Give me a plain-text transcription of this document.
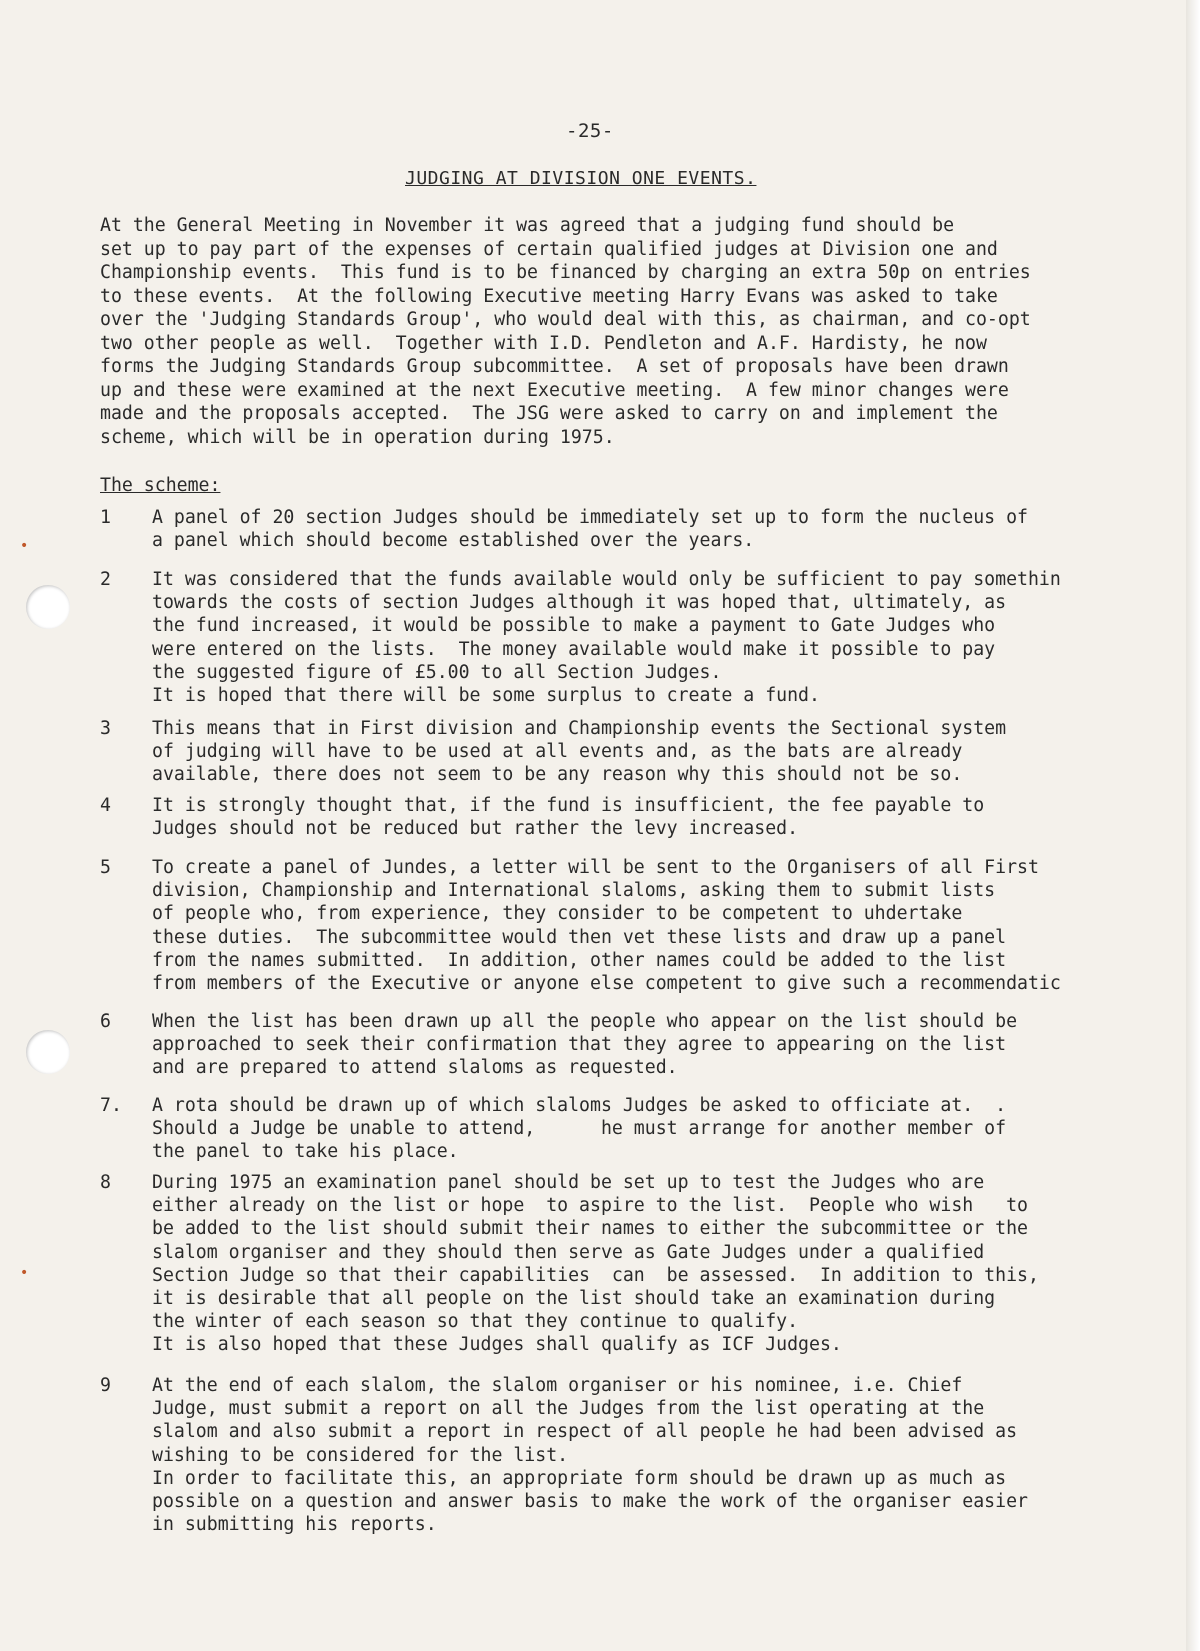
•
•
-25-
JUDGING AT DIVISION ONE EVENTS.

At the General Meeting in November it was agreed that a judging fund should be
set up to pay part of the expenses of certain qualified judges at Division one and
Championship events.  This fund is to be financed by charging an extra 50p on entries
to these events.  At the following Executive meeting Harry Evans was asked to take
over the 'Judging Standards Group', who would deal with this, as chairman, and co-opt
two other people as well.  Together with I.D. Pendleton and A.F. Hardisty, he now
forms the Judging Standards Group subcommittee.  A set of proposals have been drawn
up and these were examined at the next Executive meeting.  A few minor changes were
made and the proposals accepted.  The JSG were asked to carry on and implement the
scheme, which will be in operation during 1975.

The scheme:
1 A panel of 20 section Judges should be immediately set up to form the nucleus of
a panel which should become established over the years.

2 It was considered that the funds available would only be sufficient to pay somethin
towards the costs of section Judges although it was hoped that, ultimately, as
the fund increased, it would be possible to make a payment to Gate Judges who
were entered on the lists.  The money available would make it possible to pay
the suggested figure of £5.00 to all Section Judges.
It is hoped that there will be some surplus to create a fund.

3 This means that in First division and Championship events the Sectional system
of judging will have to be used at all events and, as the bats are already
available, there does not seem to be any reason why this should not be so.

4 It is strongly thought that, if the fund is insufficient, the fee payable to
Judges should not be reduced but rather the levy increased.

5 To create a panel of Jundes, a letter will be sent to the Organisers of all First
division, Championship and International slaloms, asking them to submit lists
of people who, from experience, they consider to be competent to uhdertake
these duties.  The subcommittee would then vet these lists and draw up a panel
from the names submitted.  In addition, other names could be added to the list
from members of the Executive or anyone else competent to give such a recommendatic

6 When the list has been drawn up all the people who appear on the list should be
approached to seek their confirmation that they agree to appearing on the list
and are prepared to attend slaloms as requested.

7. A rota should be drawn up of which slaloms Judges be asked to officiate at.  .
Should a Judge be unable to attend,      he must arrange for another member of
the panel to take his place.

8 During 1975 an examination panel should be set up to test the Judges who are
either already on the list or hope  to aspire to the list.  People who wish   to
be added to the list should submit their names to either the subcommittee or the
slalom organiser and they should then serve as Gate Judges under a qualified
Section Judge so that their capabilities  can  be assessed.  In addition to this,
it is desirable that all people on the list should take an examination during
the winter of each season so that they continue to qualify.
It is also hoped that these Judges shall qualify as ICF Judges.

9 At the end of each slalom, the slalom organiser or his nominee, i.e. Chief
Judge, must submit a report on all the Judges from the list operating at the
slalom and also submit a report in respect of all people he had been advised as
wishing to be considered for the list.
In order to facilitate this, an appropriate form should be drawn up as much as
possible on a question and answer basis to make the work of the organiser easier
in submitting his reports.
